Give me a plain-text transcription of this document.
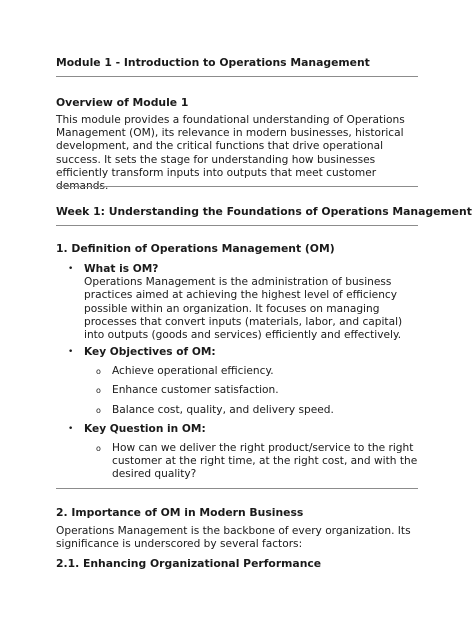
Module 1 - Introduction to Operations Management
Overview of Module 1

This module provides a foundational understanding of Operations Management (OM), its relevance in modern businesses, historical development, and the critical functions that drive operational success. It sets the stage for understanding how businesses efficiently transform inputs into outputs that meet customer demands.

Week 1: Understanding the Foundations of Operations Management
1. Definition of Operations Management (OM)
• What is OM?
Operations Management is the administration of business practices aimed at achieving the highest level of efficiency possible within an organization. It focuses on managing processes that convert inputs (materials, labor, and capital) into outputs (goods and services) efficiently and effectively.
• Key Objectives of OM:
o Achieve operational efficiency.
o Enhance customer satisfaction.
o Balance cost, quality, and delivery speed.
• Key Question in OM:
o How can we deliver the right product/service to the right customer at the right time, at the right cost, and with the desired quality?
2. Importance of OM in Modern Business

Operations Management is the backbone of every organization. Its significance is underscored by several factors:

2.1. Enhancing Organizational Performance
